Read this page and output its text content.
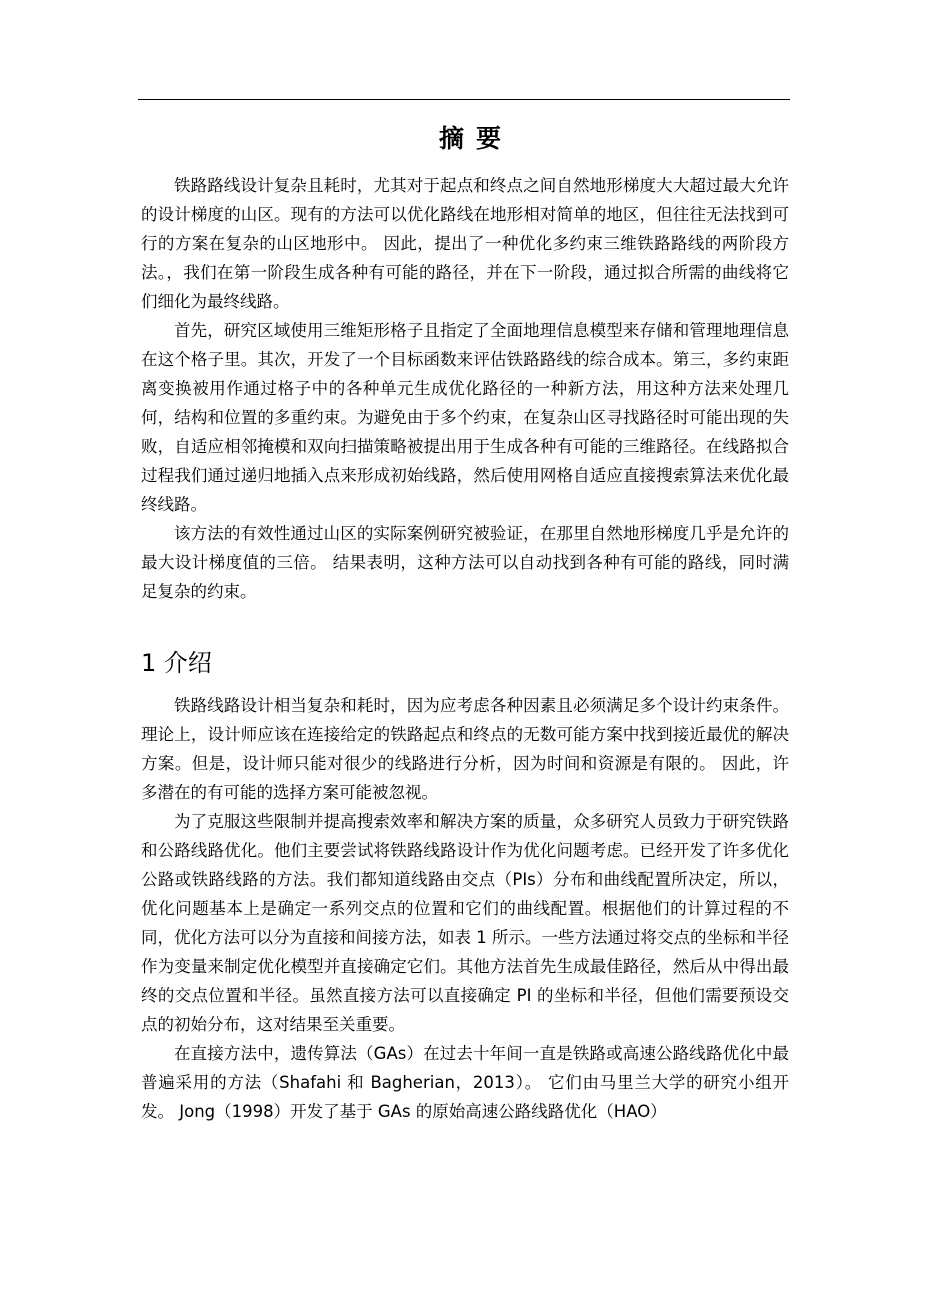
摘要

铁路路线设计复杂且耗时，尤其对于起点和终点之间自然地形梯度大大超过最大允许的设计梯度的山区。现有的方法可以优化路线在地形相对简单的地区，但往往无法找到可行的方案在复杂的山区地形中。 因此，提出了一种优化多约束三维铁路路线的两阶段方法。，我们在第一阶段生成各种有可能的路径，并在下一阶段，通过拟合所需的曲线将它们细化为最终线路。

首先，研究区域使用三维矩形格子且指定了全面地理信息模型来存储和管理地理信息在这个格子里。其次，开发了一个目标函数来评估铁路路线的综合成本。第三，多约束距离变换被用作通过格子中的各种单元生成优化路径的一种新方法，用这种方法来处理几何，结构和位置的多重约束。为避免由于多个约束，在复杂山区寻找路径时可能出现的失败，自适应相邻掩模和双向扫描策略被提出用于生成各种有可能的三维路径。在线路拟合过程我们通过递归地插入点来形成初始线路，然后使用网格自适应直接搜索算法来优化最终线路。

该方法的有效性通过山区的实际案例研究被验证，在那里自然地形梯度几乎是允许的最大设计梯度值的三倍。 结果表明，这种方法可以自动找到各种有可能的路线，同时满足复杂的约束。

1 介绍

铁路线路设计相当复杂和耗时，因为应考虑各种因素且必须满足多个设计约束条件。理论上，设计师应该在连接给定的铁路起点和终点的无数可能方案中找到接近最优的解决方案。但是，设计师只能对很少的线路进行分析，因为时间和资源是有限的。 因此，许多潜在的有可能的选择方案可能被忽视。

为了克服这些限制并提高搜索效率和解决方案的质量，众多研究人员致力于研究铁路和公路线路优化。他们主要尝试将铁路线路设计作为优化问题考虑。已经开发了许多优化公路或铁路线路的方法。我们都知道线路由交点（PIs）分布和曲线配置所决定，所以，优化问题基本上是确定一系列交点的位置和它们的曲线配置。根据他们的计算过程的不同，优化方法可以分为直接和间接方法，如表 1 所示。一些方法通过将交点的坐标和半径作为变量来制定优化模型并直接确定它们。其他方法首先生成最佳路径，然后从中得出最终的交点位置和半径。虽然直接方法可以直接确定 PI 的坐标和半径，但他们需要预设交点的初始分布，这对结果至关重要。

在直接方法中，遗传算法（GAs）在过去十年间一直是铁路或高速公路线路优化中最普遍采用的方法（Shafahi 和 Bagherian，2013）。 它们由马里兰大学的研究小组开发。 Jong（1998）开发了基于 GAs 的原始高速公路线路优化（HAO）
